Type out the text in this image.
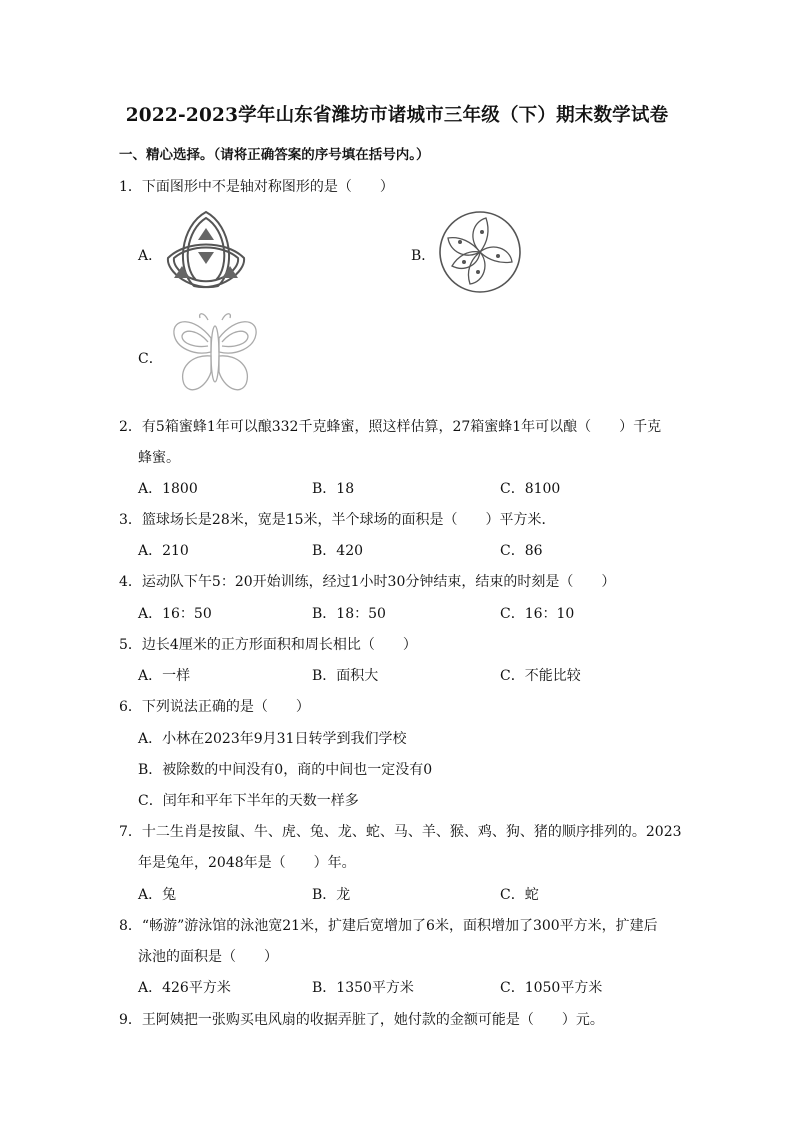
2022-2023学年山东省潍坊市诸城市三年级（下）期末数学试卷
一、精心选择。（请将正确答案的序号填在括号内。）
1．下面图形中不是轴对称图形的是（　　）
A．	B．
C．
2．有5箱蜜蜂1年可以酿332千克蜂蜜，照这样估算，27箱蜜蜂1年可以酿（　　）千克
蜂蜜。
A．1800	B．18	C．8100
3．篮球场长是28米，宽是15米，半个球场的面积是（　　）平方米．
A．210	B．420	C．86
4．运动队下午5：20开始训练，经过1小时30分钟结束，结束的时刻是（　　）
A．16：50	B．18：50	C．16：10
5．边长4厘米的正方形面积和周长相比（　　）
A．一样	B．面积大	C．不能比较
6．下列说法正确的是（　　）
A．小林在2023年9月31日转学到我们学校
B．被除数的中间没有0，商的中间也一定没有0
C．闰年和平年下半年的天数一样多
7．十二生肖是按鼠、牛、虎、兔、龙、蛇、马、羊、猴、鸡、狗、猪的顺序排列的。2023
年是兔年，2048年是（　　）年。
A．兔	B．龙	C．蛇
8．“畅游”游泳馆的泳池宽21米，扩建后宽增加了6米，面积增加了300平方米，扩建后
泳池的面积是（　　）
A．426平方米	B．1350平方米	C．1050平方米
9．王阿姨把一张购买电风扇的收据弄脏了，她付款的金额可能是（　　）元。
